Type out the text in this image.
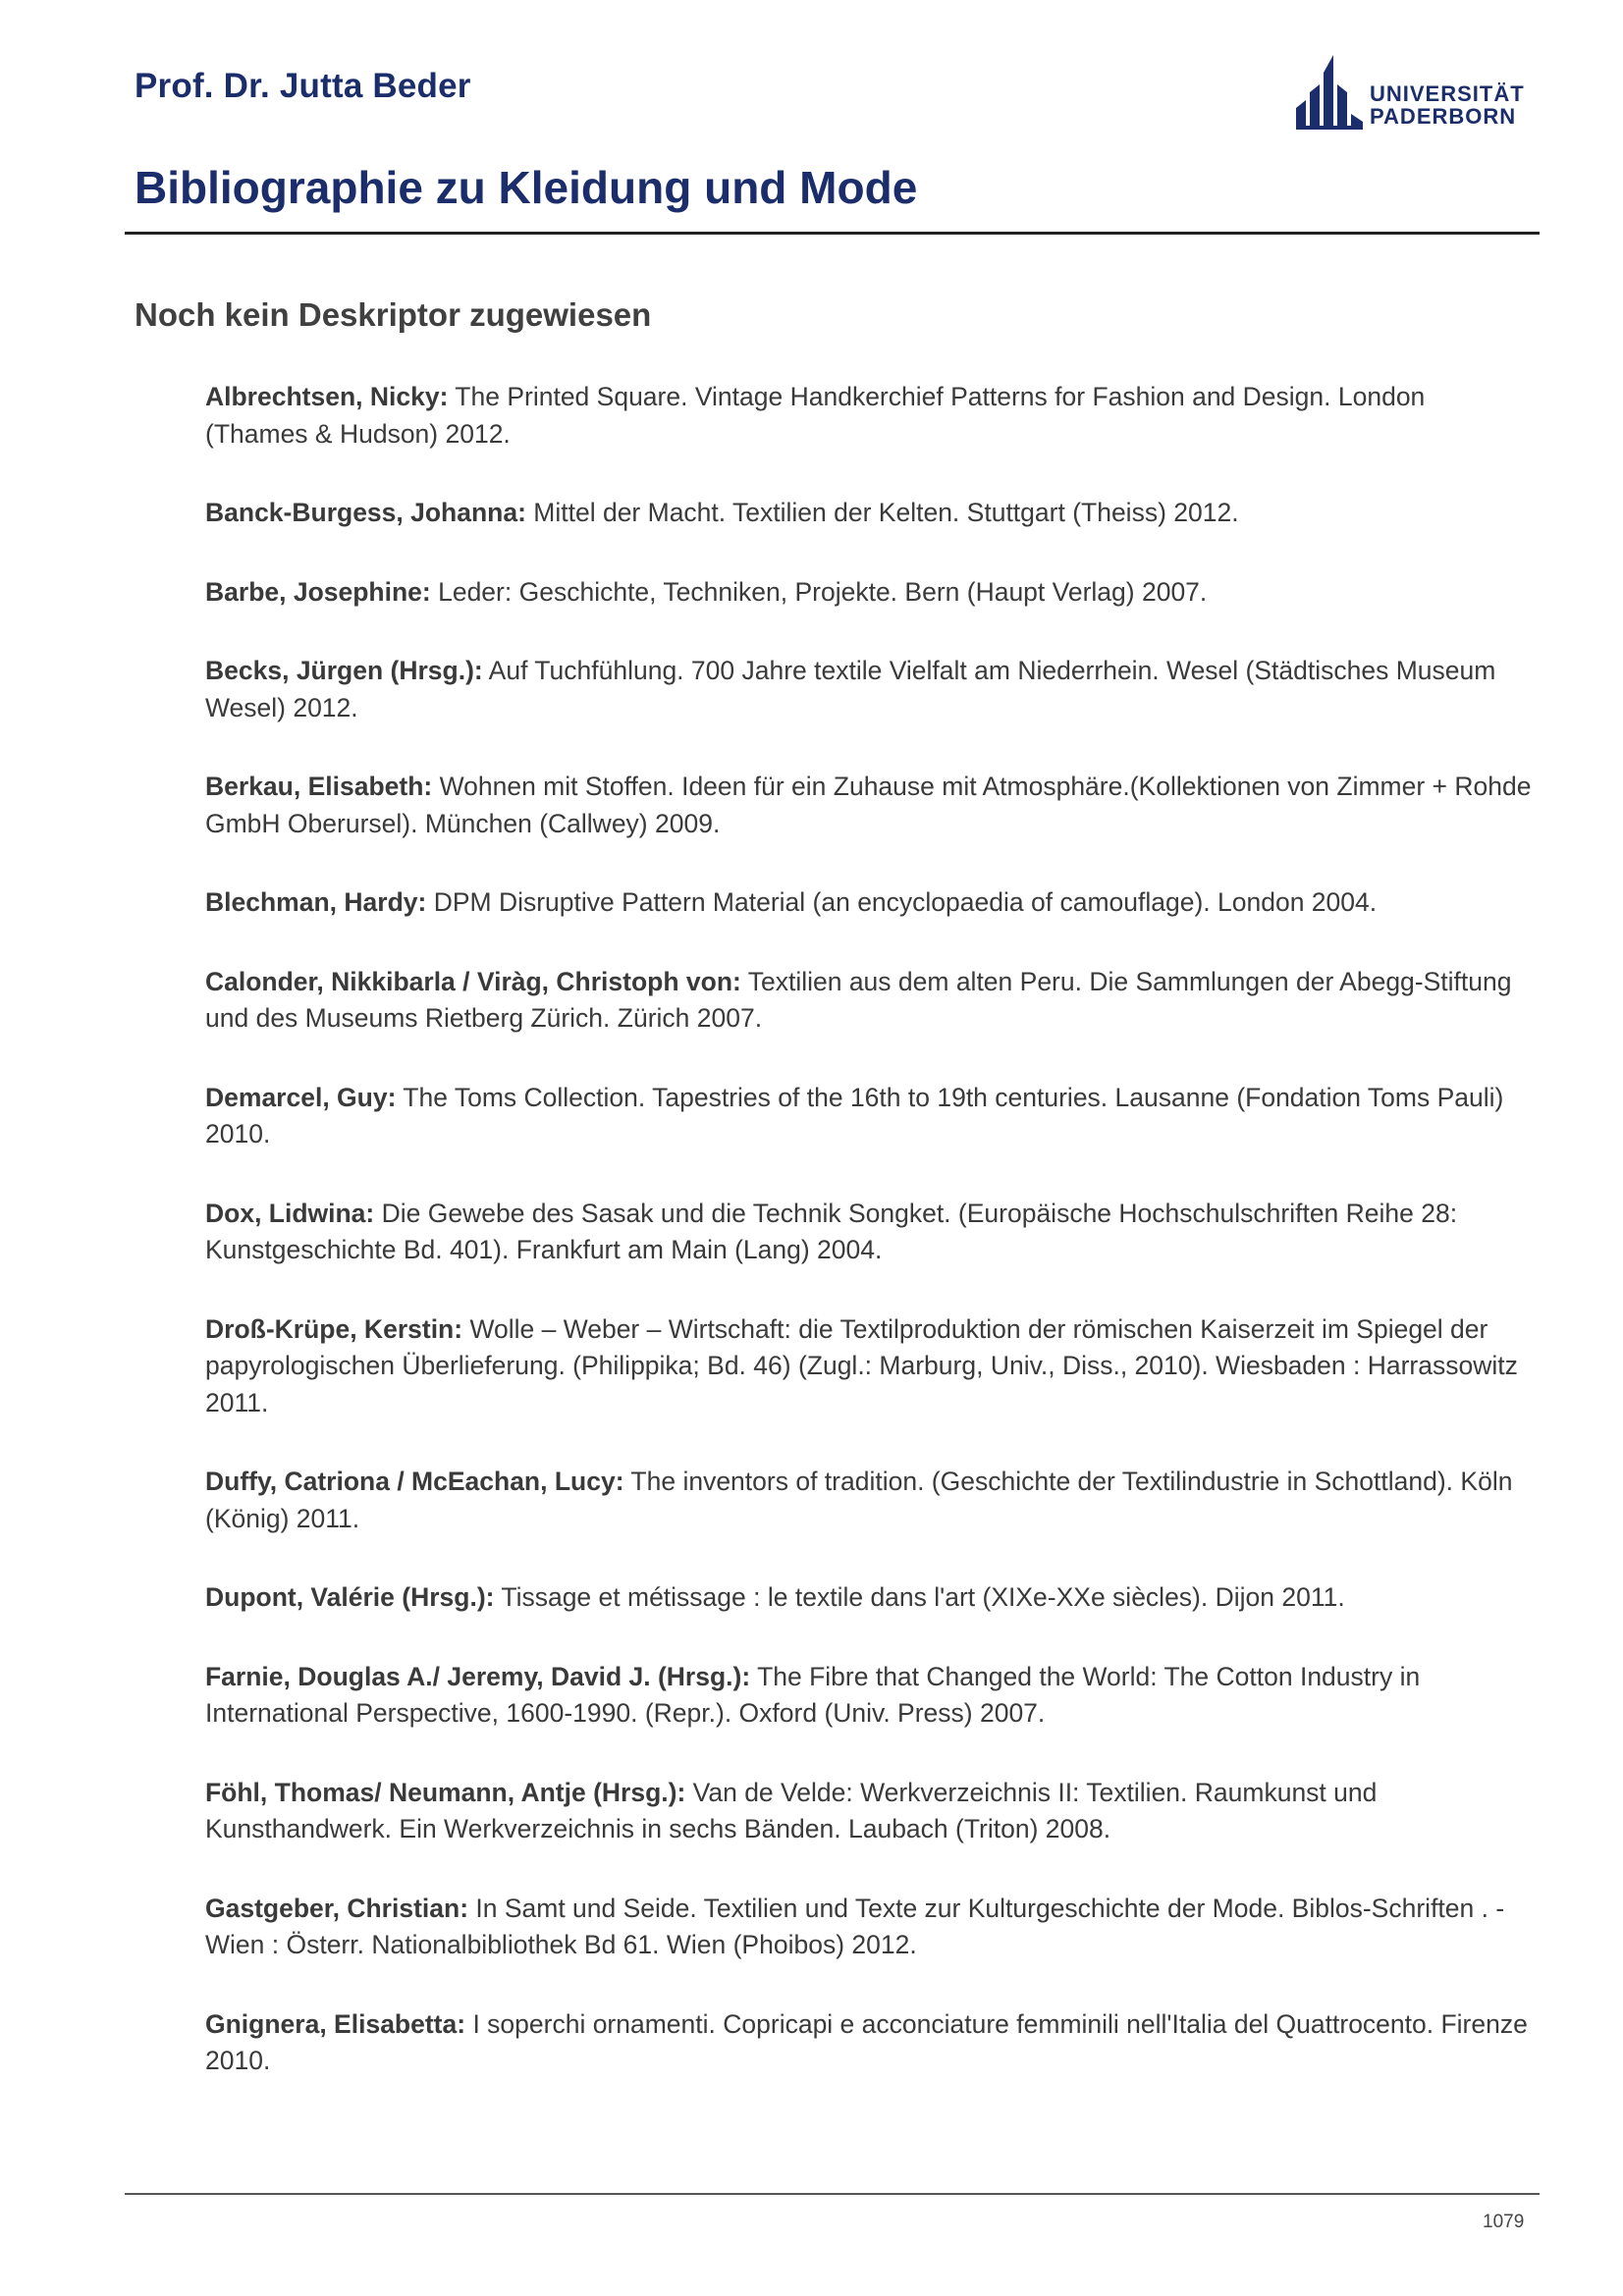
Prof. Dr. Jutta Beder	UNIVERSITÄT
PADERBORN
Bibliographie zu Kleidung und Mode
Noch kein Deskriptor zugewiesen

Albrechtsen, Nicky: The Printed Square. Vintage Handkerchief Patterns for Fashion and Design. London (Thames & Hudson) 2012.

Banck-Burgess, Johanna: Mittel der Macht. Textilien der Kelten. Stuttgart (Theiss) 2012.

Barbe, Josephine: Leder: Geschichte, Techniken, Projekte. Bern (Haupt Verlag) 2007.

Becks, Jürgen (Hrsg.): Auf Tuchfühlung. 700 Jahre textile Vielfalt am Niederrhein. Wesel (Städtisches Museum Wesel) 2012.

Berkau, Elisabeth: Wohnen mit Stoffen. Ideen für ein Zuhause mit Atmosphäre.(Kollektionen von Zimmer + Rohde GmbH Oberursel). München (Callwey) 2009.

Blechman, Hardy: DPM Disruptive Pattern Material (an encyclopaedia of camouflage). London 2004.

Calonder, Nikkibarla / Viràg, Christoph von: Textilien aus dem alten Peru. Die Sammlungen der Abegg-Stiftung und des Museums Rietberg Zürich. Zürich 2007.

Demarcel, Guy: The Toms Collection. Tapestries of the 16th to 19th centuries. Lausanne (Fondation Toms Pauli) 2010.

Dox, Lidwina: Die Gewebe des Sasak und die Technik Songket. (Europäische Hochschulschriften Reihe 28: Kunstgeschichte Bd. 401). Frankfurt am Main (Lang) 2004.

Droß-Krüpe, Kerstin: Wolle – Weber – Wirtschaft: die Textilproduktion der römischen Kaiserzeit im Spiegel der papyrologischen Überlieferung. (Philippika; Bd. 46) (Zugl.: Marburg, Univ., Diss., 2010). Wiesbaden : Harrassowitz 2011.

Duffy, Catriona / McEachan, Lucy: The inventors of tradition. (Geschichte der Textilindustrie in Schottland). Köln (König) 2011.

Dupont, Valérie (Hrsg.): Tissage et métissage : le textile dans l'art (XIXe-XXe siècles). Dijon 2011.

Farnie, Douglas A./ Jeremy, David J. (Hrsg.): The Fibre that Changed the World: The Cotton Industry in International Perspective, 1600-1990. (Repr.). Oxford (Univ. Press) 2007.

Föhl, Thomas/ Neumann, Antje (Hrsg.): Van de Velde: Werkverzeichnis II: Textilien. Raumkunst und Kunsthandwerk. Ein Werkverzeichnis in sechs Bänden. Laubach (Triton) 2008.

Gastgeber, Christian: In Samt und Seide. Textilien und Texte zur Kulturgeschichte der Mode. Biblos-Schriften . - Wien : Österr. Nationalbibliothek Bd 61. Wien (Phoibos) 2012.

Gnignera, Elisabetta: I soperchi ornamenti. Copricapi e acconciature femminili nell'Italia del Quattrocento. Firenze 2010.

1079
